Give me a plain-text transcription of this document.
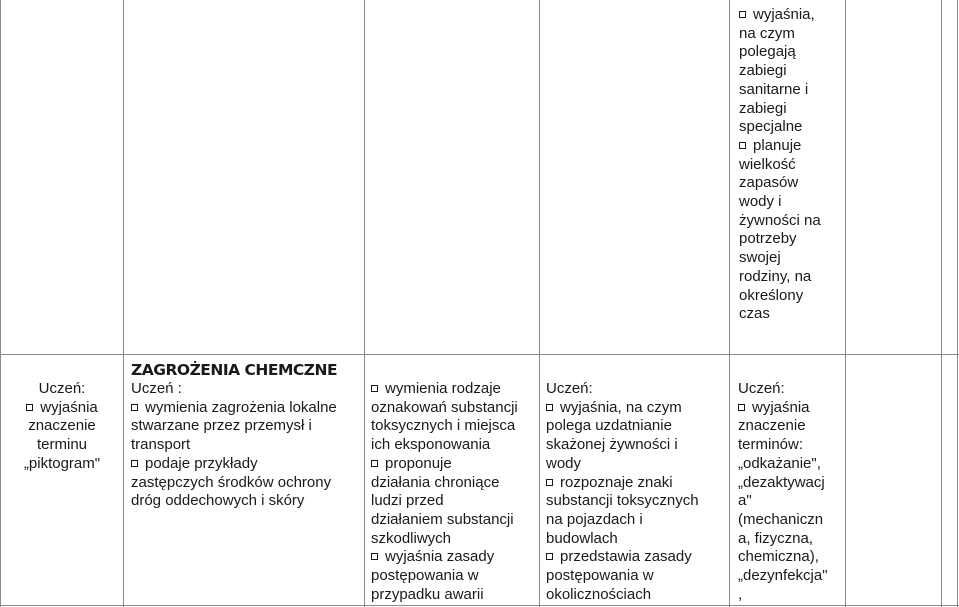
wyjaśnia,
na czym
polegają
zabiegi
sanitarne i
zabiegi
specjalne
planuje
wielkość
zapasów
wody i
żywności na
potrzeby
swojej
rodziny, na
określony
czas
Uczeń:
wyjaśnia
znaczenie
terminu
„piktogram"
ZAGROŻENIA CHEMCZNE
Uczeń :
wymienia zagrożenia lokalne
stwarzane przez przemysł i
transport
podaje przykłady
zastępczych środków ochrony
dróg oddechowych i skóry
wymienia rodzaje
oznakowań substancji
toksycznych i miejsca
ich eksponowania
proponuje
działania chroniące
ludzi przed
działaniem substancji
szkodliwych
wyjaśnia zasady
postępowania w
przypadku awarii
Uczeń:
wyjaśnia, na czym
polega uzdatnianie
skażonej żywności i
wody
rozpoznaje znaki
substancji toksycznych
na pojazdach i
budowlach
przedstawia zasady
postępowania w
okolicznościach
Uczeń:
wyjaśnia
znaczenie
terminów:
„odkażanie",
„dezaktywacj
a"
(mechaniczn
a, fizyczna,
chemiczna),
„dezynfekcja"
,
